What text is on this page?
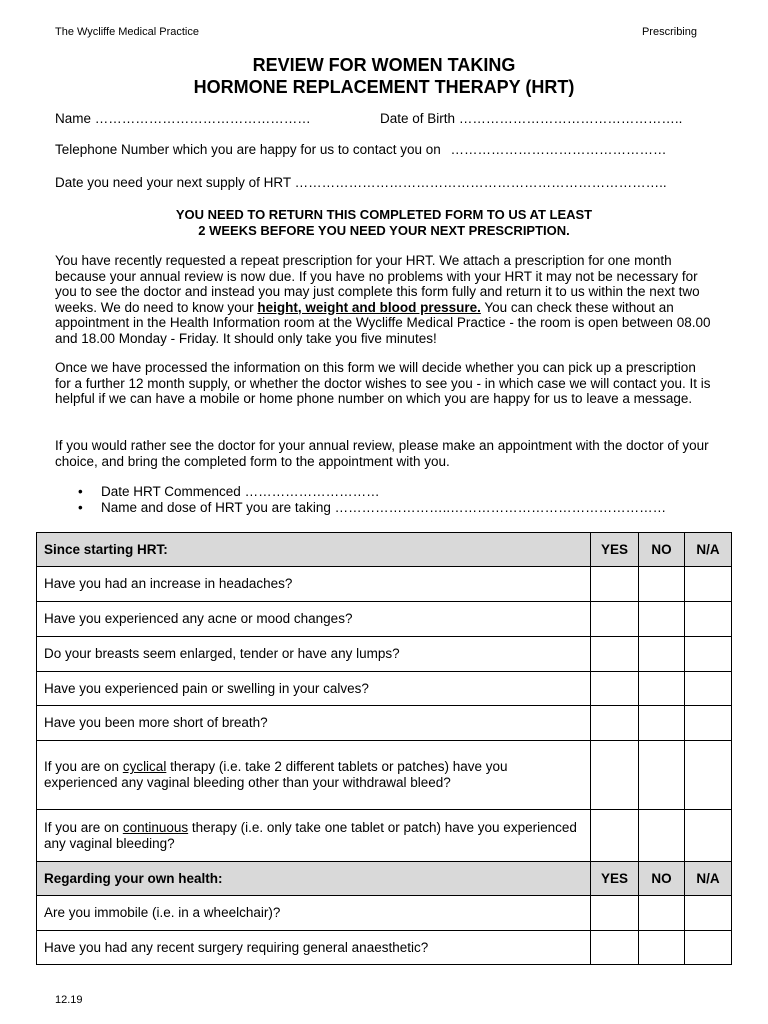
The Wycliffe Medical Practice	Prescribing
REVIEW FOR WOMEN TAKING
HORMONE REPLACEMENT THERAPY (HRT)
Name …………………………………………	Date of Birth …………………………………………..
Telephone Number which you are happy for us to contact you on …………………………………………
Date you need your next supply of HRT ………………………………………………………………………..
YOU NEED TO RETURN THIS COMPLETED FORM TO US AT LEAST
2 WEEKS BEFORE YOU NEED YOUR NEXT PRESCRIPTION.
You have recently requested a repeat prescription for your HRT. We attach a prescription for one month because your annual review is now due. If you have no problems with your HRT it may not be necessary for you to see the doctor and instead you may just complete this form fully and return it to us within the next two weeks. We do need to know your height, weight and blood pressure. You can check these without an appointment in the Health Information room at the Wycliffe Medical Practice - the room is open between 08.00 and 18.00 Monday - Friday. It should only take you five minutes!
Once we have processed the information on this form we will decide whether you can pick up a prescription for a further 12 month supply, or whether the doctor wishes to see you - in which case we will contact you. It is helpful if we can have a mobile or home phone number on which you are happy for us to leave a message.
If you would rather see the doctor for your annual review, please make an appointment with the doctor of your choice, and bring the completed form to the appointment with you.
• Date HRT Commenced …………………………
• Name and dose of HRT you are taking ……………………..…………………………………………
Since starting HRT:	YES	NO	N/A
Have you had an increase in headaches?			
Have you experienced any acne or mood changes?			
Do your breasts seem enlarged, tender or have any lumps?			
Have you experienced pain or swelling in your calves?			
Have you been more short of breath?			
If you are on cyclical therapy (i.e. take 2 different tablets or patches) have you experienced any vaginal bleeding other than your withdrawal bleed?			
If you are on continuous therapy (i.e. only take one tablet or patch) have you experienced any vaginal bleeding?			
Regarding your own health:	YES	NO	N/A
Are you immobile (i.e. in a wheelchair)?			
Have you had any recent surgery requiring general anaesthetic?			
12.19
